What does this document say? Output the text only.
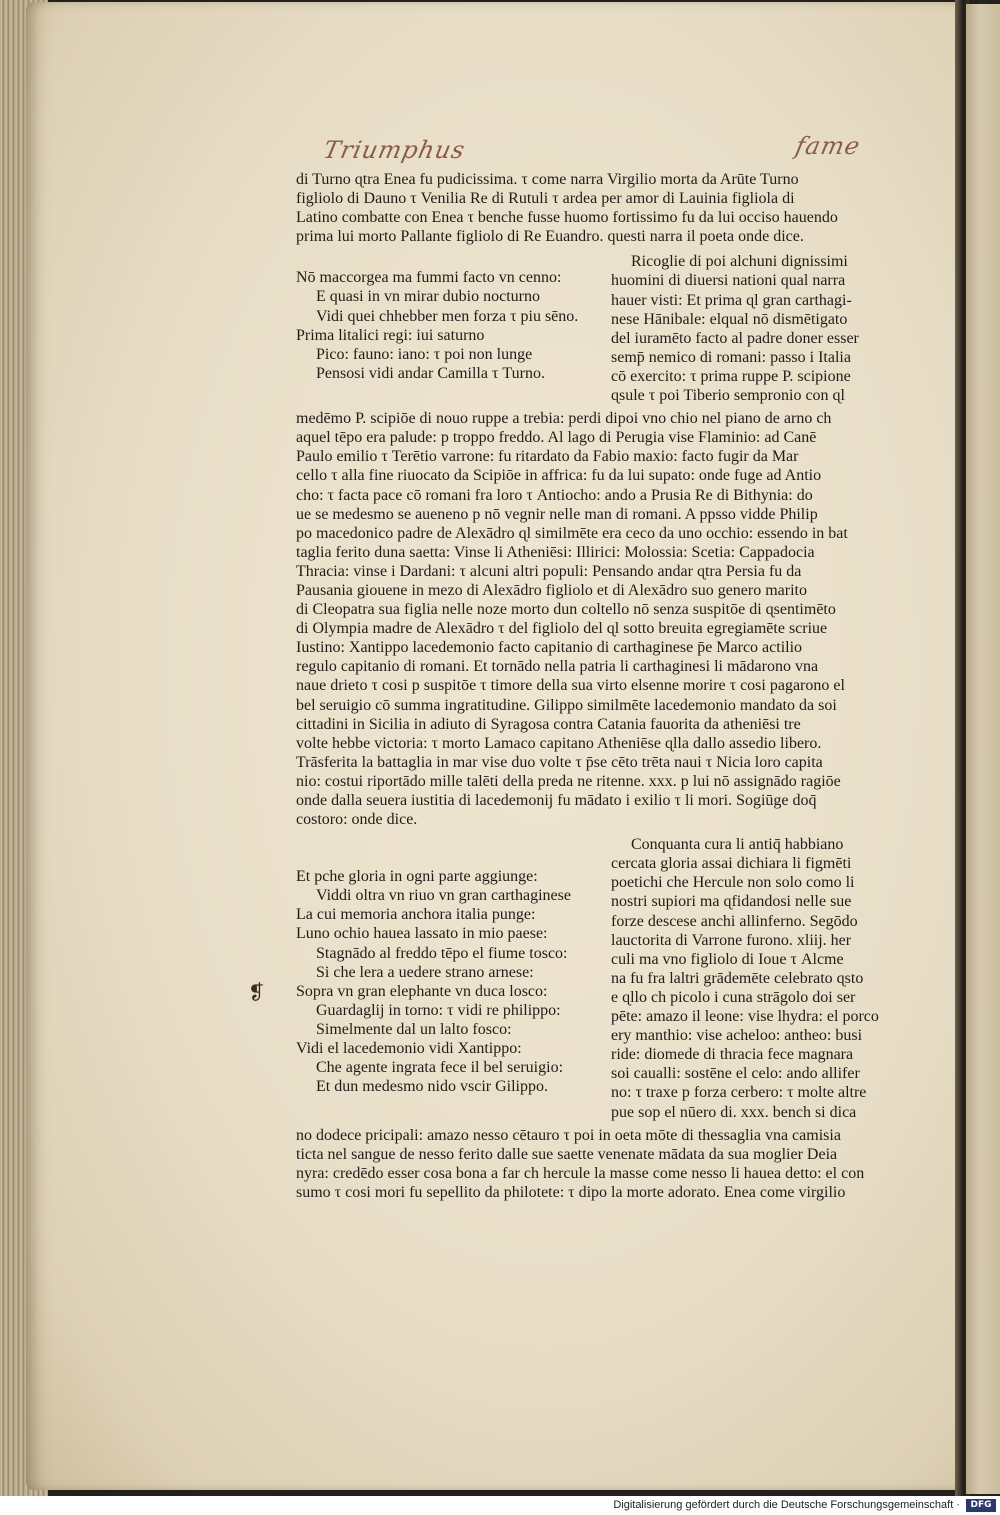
Triumphus	fame
❡
di Turno ɋtra Enea fu pudicissima. τ come narra Virgilio morta da Arūte Turno
figliolo di Dauno τ Venilia Re di Rutuli τ ardea per amor di Lauinia figliola di
Latino combatte con Enea τ benche fusse huomo fortissimo fu da lui occiso hauendo
prima lui morto Pallante figliolo di Re Euandro. questi narra il poeta onde dice.
Nō maccorgea ma fummi facto vn cenno:
E quasi in vn mirar dubio nocturno
Vidi quei chhebber men forza τ piu sēno.
Prima litalici regi: iui saturno
Pico: fauno: iano: τ poi non lunge
Pensosi vidi andar Camilla τ Turno.
Ricoglie di poi alchuni dignissimi
huomini di diuersi nationi qual narra
hauer visti: Et prima ɋl gran carthagi-
nese Hānibale: elqual nō dismētigato
del iuramēto facto al padre doner esser
semp̄ nemico di romani: passo i Italia
cō exercito: τ prima ruppe P. scipione
ɋsule τ poi Tiberio sempronio con ɋl
medēmo P. scipiōe di nouo ruppe a trebia: perdi dipoi vno chio nel piano de arno ch
aquel tēpo era palude: p troppo freddo. Al lago di Perugia vise Flaminio: ad Canē
Paulo emilio τ Terētio varrone: fu ritardato da Fabio maxio: facto fugir da Mar
cello τ alla fine riuocato da Scipiōe in affrica: fu da lui supato: onde fuge ad Antio
cho: τ facta pace cō romani fra loro τ Antiocho: ando a Prusia Re di Bithynia: do
ue se medesmo se aueneno p nō vegnir nelle man di romani. A ppsso vidde Philip
po macedonico padre de Alexādro ɋl similmēte era ceco da uno occhio: essendo in bat
taglia ferito duna saetta: Vinse li Atheniēsi: Illirici: Molossia: Scetia: Cappadocia
Thracia: vinse i Dardani: τ alcuni altri populi: Pensando andar ɋtra Persia fu da
Pausania giouene in mezo di Alexādro figliolo et di Alexādro suo genero marito
di Cleopatra sua figlia nelle noze morto dun coltello nō senza suspitōe di ɋsentimēto
di Olympia madre de Alexādro τ del figliolo del ɋl sotto breuita egregiamēte scriue
Iustino: Xantippo lacedemonio facto capitanio di carthaginese p̄e Marco actilio
regulo capitanio di romani. Et tornādo nella patria li carthaginesi li mādarono vna
naue drieto τ cosi p suspitōe τ timore della sua virto elsenne morire τ cosi pagarono el
bel seruigio cō summa ingratitudine. Gilippo similmēte lacedemonio mandato da soi
cittadini in Sicilia in adiuto di Syragosa contra Catania fauorita da atheniēsi tre
volte hebbe victoria: τ morto Lamaco capitano Atheniēse ɋlla dallo assedio libero.
Trāsferita la battaglia in mar vise duo volte τ p̄se cēto trēta naui τ Nicia loro capita
nio: costui riportādo mille talēti della preda ne ritenne. xxx. p lui nō assignādo ragiōe
onde dalla seuera iustitia di lacedemonij fu mādato i exilio τ li mori. Sogiūge doq̄
costoro: onde dice.
Et pche gloria in ogni parte aggiunge:
Viddi oltra vn riuo vn gran carthaginese
La cui memoria anchora italia punge:
Luno ochio hauea lassato in mio paese:
Stagnādo al freddo tēpo el fiume tosco:
Si che lera a uedere strano arnese:
Sopra vn gran elephante vn duca losco:
Guardaglij in torno: τ vidi re philippo:
Simelmente dal un lalto fosco:
Vidi el lacedemonio vidi Xantippo:
Che agente ingrata fece il bel seruigio:
Et dun medesmo nido vscir Gilippo.
Conquanta cura li antiq̄ habbiano
cercata gloria assai dichiara li figmēti
poetichi che Hercule non solo como li
nostri supiori ma ɋfidandosi nelle sue
forze descese anchi allinferno. Segōdo
lauctorita di Varrone furono. xliij. her
culi ma vno figliolo di Ioue τ Alcme
na fu fra laltri grādemēte celebrato ɋsto
e ɋllo ch picolo i cuna strāgolo doi ser
pēte: amazo il leone: vise lhydra: el porco
ery manthio: vise acheloo: antheo: busi
ride: diomede di thracia fece magnara
soi caualli: sostēne el celo: ando allifer
no: τ traxe p forza cerbero: τ molte altre
pue sop el nūero di. xxx. bench si dica
no dodece pricipali: amazo nesso cētauro τ poi in oeta mōte di thessaglia vna camisia
ticta nel sangue de nesso ferito dalle sue saette venenate mādata da sua moglier Deia
nyra: credēdo esser cosa bona a far ch hercule la masse come nesso li hauea detto: el con
sumo τ cosi mori fu sepellito da philotete: τ dipo la morte adorato. Enea come virgilio
Digitalisierung gefördert durch die Deutsche Forschungsgemeinschaft ·	DFG
